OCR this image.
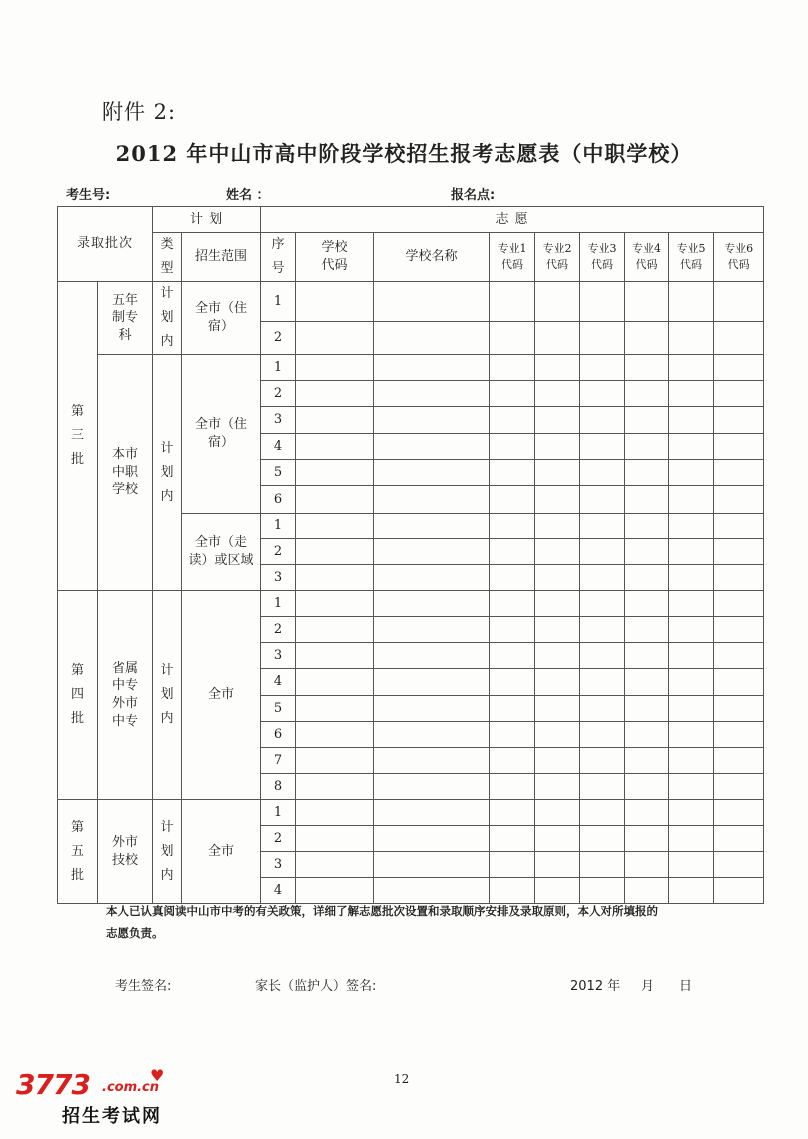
附件 2:
2012 年中山市高中阶段学校招生报考志愿表（中职学校）
考生号:	姓名 ：	报名点:
录取批次		计 划		志 愿								
		类型	招生范围	序号	学校代码	学校名称	专业1代码	专业2代码	专业3代码	专业4代码	专业5代码	专业6代码
第三批	五年制专科	计划内	全市（住宿）	1								
				2								
	本市中职学校	计划内	全市（住宿）	1								
				2								
				3								
				4								
				5								
				6								
			全市（走读）或区域	1								
				2								
				3								
第四批	省属中专外市中专	计划内	全市	1								
				2								
				3								
				4								
				5								
				6								
				7								
				8								
第五批	外市技校	计划内	全市	1								
				2								
				3								
				4								
本人已认真阅读中山市中考的有关政策，详细了解志愿批次设置和录取顺序安排及录取原则，本人对所填报的志愿负责。
考生签名:	家长（监护人）签名:	2012 年 月 日
12
3773 .com.cn
♥
招生考试网
